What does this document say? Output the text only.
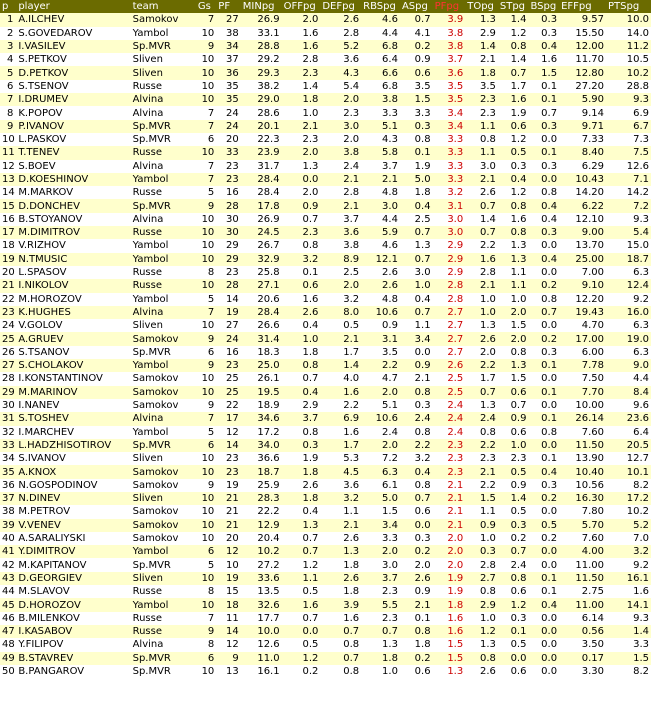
p	player	team	Gs	PF	MINpg	OFFpg	DEFpg	RBSpg	ASpg	PFpg	TOpg	STpg	BSpg	EFFpg	PTSpg
1	A.ILCHEV	Samokov	7	27	26.9	2.0	2.6	4.6	0.7	3.9	1.3	1.4	0.3	9.57	10.0
2	S.GOVEDAROV	Yambol	10	38	33.1	1.6	2.8	4.4	4.1	3.8	2.9	1.2	0.3	15.50	14.0
3	I.VASILEV	Sp.MVR	9	34	28.8	1.6	5.2	6.8	0.2	3.8	1.4	0.8	0.4	12.00	11.2
4	S.PETKOV	Sliven	10	37	29.2	2.8	3.6	6.4	0.9	3.7	2.1	1.4	1.6	11.70	10.5
5	D.PETKOV	Sliven	10	36	29.3	2.3	4.3	6.6	0.6	3.6	1.8	0.7	1.5	12.80	10.2
6	S.TSENOV	Russe	10	35	38.2	1.4	5.4	6.8	3.5	3.5	3.5	1.7	0.1	27.20	28.8
7	I.DRUMEV	Alvina	10	35	29.0	1.8	2.0	3.8	1.5	3.5	2.3	1.6	0.1	5.90	9.3
8	K.POPOV	Alvina	7	24	28.6	1.0	2.3	3.3	3.3	3.4	2.3	1.9	0.7	9.14	6.9
9	P.IVANOV	Sp.MVR	7	24	20.1	2.1	3.0	5.1	0.3	3.4	1.1	0.6	0.3	9.71	6.7
10	L.PASKOV	Sp.MVR	6	20	22.3	2.3	2.0	4.3	0.8	3.3	0.8	1.2	0.0	7.33	7.3
11	T.TENEV	Russe	10	33	23.9	2.0	3.8	5.8	0.1	3.3	1.1	0.5	0.1	8.40	7.5
12	S.BOEV	Alvina	7	23	31.7	1.3	2.4	3.7	1.9	3.3	3.0	0.3	0.3	6.29	12.6
13	D.KOESHINOV	Yambol	7	23	28.4	0.0	2.1	2.1	5.0	3.3	2.1	0.4	0.0	10.43	7.1
14	M.MARKOV	Russe	5	16	28.4	2.0	2.8	4.8	1.8	3.2	2.6	1.2	0.8	14.20	14.2
15	D.DONCHEV	Sp.MVR	9	28	17.8	0.9	2.1	3.0	0.4	3.1	0.7	0.8	0.4	6.22	7.2
16	B.STOYANOV	Alvina	10	30	26.9	0.7	3.7	4.4	2.5	3.0	1.4	1.6	0.4	12.10	9.3
17	M.DIMITROV	Russe	10	30	24.5	2.3	3.6	5.9	0.7	3.0	0.7	0.8	0.3	9.00	5.4
18	V.RIZHOV	Yambol	10	29	26.7	0.8	3.8	4.6	1.3	2.9	2.2	1.3	0.0	13.70	15.0
19	N.TMUSIC	Yambol	10	29	32.9	3.2	8.9	12.1	0.7	2.9	1.6	1.3	0.4	25.00	18.7
20	L.SPASOV	Russe	8	23	25.8	0.1	2.5	2.6	3.0	2.9	2.8	1.1	0.0	7.00	6.3
21	I.NIKOLOV	Russe	10	28	27.1	0.6	2.0	2.6	1.0	2.8	2.1	1.1	0.2	9.10	12.4
22	M.HOROZOV	Yambol	5	14	20.6	1.6	3.2	4.8	0.4	2.8	1.0	1.0	0.8	12.20	9.2
23	K.HUGHES	Alvina	7	19	28.4	2.6	8.0	10.6	0.7	2.7	1.0	2.0	0.7	19.43	16.0
24	V.GOLOV	Sliven	10	27	26.6	0.4	0.5	0.9	1.1	2.7	1.3	1.5	0.0	4.70	6.3
25	A.GRUEV	Samokov	9	24	31.4	1.0	2.1	3.1	3.4	2.7	2.6	2.0	0.2	17.00	19.0
26	S.TSANOV	Sp.MVR	6	16	18.3	1.8	1.7	3.5	0.0	2.7	2.0	0.8	0.3	6.00	6.3
27	S.CHOLAKOV	Yambol	9	23	25.0	0.8	1.4	2.2	0.9	2.6	2.2	1.3	0.1	7.78	9.0
28	I.KONSTANTINOV	Samokov	10	25	26.1	0.7	4.0	4.7	2.1	2.5	1.7	1.5	0.0	7.50	4.4
29	M.MARINOV	Samokov	10	25	19.5	0.4	1.6	2.0	0.8	2.5	0.7	0.6	0.1	7.70	8.4
30	I.NANEV	Samokov	9	22	18.9	2.9	2.2	5.1	0.3	2.4	1.3	0.7	0.0	10.00	9.6
31	S.TOSHEV	Alvina	7	17	34.6	3.7	6.9	10.6	2.4	2.4	2.4	0.9	0.1	26.14	23.6
32	I.MARCHEV	Yambol	5	12	17.2	0.8	1.6	2.4	0.8	2.4	0.8	0.6	0.8	7.60	6.4
33	L.HADZHISOTIROV	Sp.MVR	6	14	34.0	0.3	1.7	2.0	2.2	2.3	2.2	1.0	0.0	11.50	20.5
34	S.IVANOV	Sliven	10	23	36.6	1.9	5.3	7.2	3.2	2.3	2.3	2.3	0.1	13.90	12.7
35	A.KNOX	Samokov	10	23	18.7	1.8	4.5	6.3	0.4	2.3	2.1	0.5	0.4	10.40	10.1
36	N.GOSPODINOV	Samokov	9	19	25.9	2.6	3.6	6.1	0.8	2.1	2.2	0.9	0.3	10.56	8.2
37	N.DINEV	Sliven	10	21	28.3	1.8	3.2	5.0	0.7	2.1	1.5	1.4	0.2	16.30	17.2
38	M.PETROV	Samokov	10	21	22.2	0.4	1.1	1.5	0.6	2.1	1.1	0.5	0.0	7.80	10.2
39	V.VENEV	Samokov	10	21	12.9	1.3	2.1	3.4	0.0	2.1	0.9	0.3	0.5	5.70	5.2
40	A.SARALIYSKI	Samokov	10	20	20.4	0.7	2.6	3.3	0.3	2.0	1.0	0.2	0.2	7.60	7.0
41	Y.DIMITROV	Yambol	6	12	10.2	0.7	1.3	2.0	0.2	2.0	0.3	0.7	0.0	4.00	3.2
42	M.KAPITANOV	Sp.MVR	5	10	27.2	1.2	1.8	3.0	2.0	2.0	2.8	2.4	0.0	11.00	9.2
43	D.GEORGIEV	Sliven	10	19	33.6	1.1	2.6	3.7	2.6	1.9	2.7	0.8	0.1	11.50	16.1
44	M.SLAVOV	Russe	8	15	13.5	0.5	1.8	2.3	0.9	1.9	0.8	0.6	0.1	2.75	1.6
45	D.HOROZOV	Yambol	10	18	32.6	1.6	3.9	5.5	2.1	1.8	2.9	1.2	0.4	11.00	14.1
46	B.MILENKOV	Russe	7	11	17.7	0.7	1.6	2.3	0.1	1.6	1.0	0.3	0.0	6.14	9.3
47	I.KASABOV	Russe	9	14	10.0	0.0	0.7	0.7	0.8	1.6	1.2	0.1	0.0	0.56	1.4
48	Y.FILIPOV	Alvina	8	12	12.6	0.5	0.8	1.3	1.8	1.5	1.3	0.5	0.0	3.50	3.3
49	B.STAVREV	Sp.MVR	6	9	11.0	1.2	0.7	1.8	0.2	1.5	0.8	0.0	0.0	0.17	1.5
50	B.PANGAROV	Sp.MVR	10	13	16.1	0.2	0.8	1.0	0.6	1.3	2.6	0.6	0.0	3.30	8.2
